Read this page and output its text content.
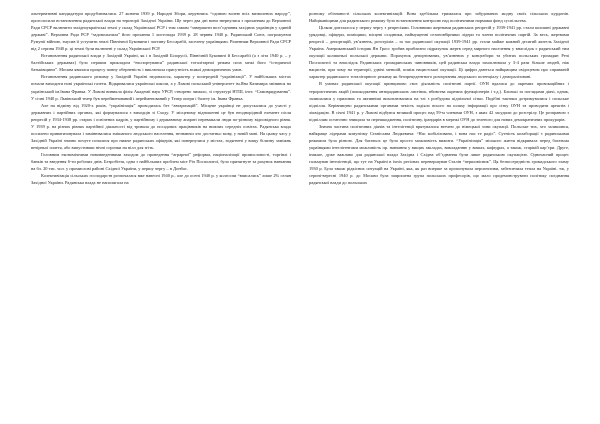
альтернативні кандидатури продублювалися. 27 жовтня 1939 р. Народні Збори, керуючись “єдиною волею всіх визволених народу”, проголосили встановлення радянської влади на території Західної України. Ще через два дні вони звернулися з проханням до Верховної Ради СРСР включити західноукраїнські землі у склад Української РСР і тим самим “завершити возз’єднання західних українців у єдиній державі”. Верховна Рада РСР “задовольнила” його прохання 1 листопада 1939 р. 28 червня 1940 р. Радянський Союз, погрожуючи Румунії війною, змусив її уступити землі Північної Буковини і частину Бессарабії, заселену українцями. Рішенням Верховної Ради СРСР від 2 серпня 1940 р. ці землі були включені у склад Української РСР.

Встановлення радянської влади у Західній Україні, як і в Західній Білорусії, Північній Буковині й Бессарабії (а з літа 1940 р. – у балтійських державах) було першим прикладом “експортувався” радянської тоталітарної режим поза межі його “історичної батьківщини”. Москва явилася процесу повну оберненість і виключала присутність всякої демократичних умов.

Встановлення радянського режиму у Західній Україні недовалося, характер у попередній “українізації”. У найбільших містах почали виходити нові українські газети. Відкривалися українські школи, а у Львові польський університет ім.Яна Казимира змінився на український ім.Івана Франка. У Львові виникла філія Академії наук УРСР, створено чимало, зі структурі НТШ, інст. “Самоврядування”. У січні 1940 р. Львівський театр був перейменований і перейменований у Театр опери і балету ім. Івана Франка.

Але на відміну від 1920-х років, “українізація” проводилась без “автаризацій”. Місцеве українці не допускалися до участі у державних і партійних органах, які формувалися з виходців зі Сходу. У місцевому відношенні це був неоднорідний елемент після репресій у 1934-1938 рр. старих і освічених кадрів, у партійному і державному апараті переважали люди по-різному відповідного рівня. У 1939 р. на різних рівнях партійної діяльності від тривала до посадових працівників на нижчих середніх освітах. Радянська влада посилено приватизовувала і замінювалися змішаного людського населення, незнаючи хто достатньо мову, у новій мові. На цьому часу у Західній Україні значно почуте почалися про нижче радянських офіцерів, які повернулися у містах, зодягнені у вищу білизну заміжнь вечірньої плаття, або випустивши нічні сорочки на вілл для згіть.

Головним економічними нововведеннями заходом до проведення “аграрної” реформи, націоналізації промисловості, торгівлі і банків та введення 6-ти робочих днів. Безробіття, одна з найбільших проблем міст Річ Посполитої, було притягнуте за рахунок навчання на бл. 20 тис. чол. у промислові районі Східної України, у першу чергу – в Донбас.

Колективізація сільських господарств розпочалася вже навесні 1940 р., але до осені 1940 р. у колгоспи “вписались” лише 2% селян Західної України. Радянська влада не наполягала на

розному обізнаності сільських колективізацій. Вона здебільша трималася про забудованих жодну своїх сільських курдонів. Найцікавіщими для радянського режиму було встановлення контролю над політичними нормами фонд суспільства.

Цілком довзлалося у першу чергу з репресіями. Головними жертвами радянських репресій у 1939-1941 рр. стали колишні державні урядовці, офіцери, поміщики, місцеві осадники, наймущенні сезоновбірники лідери та члени політичних партій. За весь, жертвами репресії – депортацій, ув’язнень, розстрілів – за час радянської окупації 1939-1941 рр. стали майже кожний десятий житель Західної Україна. Американський історик Ян Гросс зробив приблизно підрахунок жертв серед мирного населення у внаслідок є радянський тим окупації колишньої польської держави. Порахунок депортованих, ув’язнених у концтабори та убитих польських громадян Речі Посполитої та внаслідок Радянських громадянських чиновників, цей радянська влада захоплювала у 3-4 рази більше людей, ніж нацистів, при чому на території, удвічі меншій, поміж нацистської окупації. Ці цифри даються найкращим свідоцтвом про справжній характер радянського тоталітарного режиму як безпрецедентного розгортання людського потенціалу і деморалізовані.

В умовах радянської окупації принципово своє діяльність політичні партії. ОУН вдалися до окремих провокаційних і терористичних акцій (пошкодження антирадянських листівок, вбивства окремих функціонерів і т.д.). Близькі за поглядами діячі, однак, залишалися у приливах та активніші вихоплювалися на тлі з розбудова підпільної сітки. Подібні тактики дотримувалися і польське підпілля. Керівництво радянськими органами чекість задіяло всього на шляху інформації про сітку ОУН та проводити арештів і ліквідацію. В січні 1941 р. у Львові відбувся великий процес над 59-м членами ОУН, з яких 42 засудили до розстрілу. Це розправою з підпіллям остаточно знищила та перешкодження, політичну, ірандарів в мережі ОУН до зеленого для нових демократичних прокурорів.

Значна частина політичних діячів та інтелігенції врятувалися втечею до німецької зони окупації. Польське тих, хто залишився, найкраще лідерами комунізму Станіслава Людкевича: “Нас мобілізовано, і вона нас те радіє”. Сутність колаборації з радянськими режимом була різною. Для багатьох це була просто можливість вижити. “Українізація” міського життя відкривала перед багатьма українцями інтелігентами можливість пр. навчання у вищих закладах, викладанню у вишах, кафедрах, а також, старікій кар’єри. Друге, інакше, дуже важливо для радянської влади Західна і Східна об’єднання були лише радянською окупацією. Одночасний процес гальмував інтелігенції, що тут на Україні в їхніх регіонах перевершував Сталін “першовісник”. Ця безпосередність громадського зламу 1930 р. Була також рідкісних ситуацій на Україні, яка, як раз вперше за пропонувала перспективи, забезпечила тепла на Україні. тж, у серпні-вересні 1940 р. до Москви була запрошена група польських професорів, що мало продемонструвати політику поєднання радянської влади до польських
